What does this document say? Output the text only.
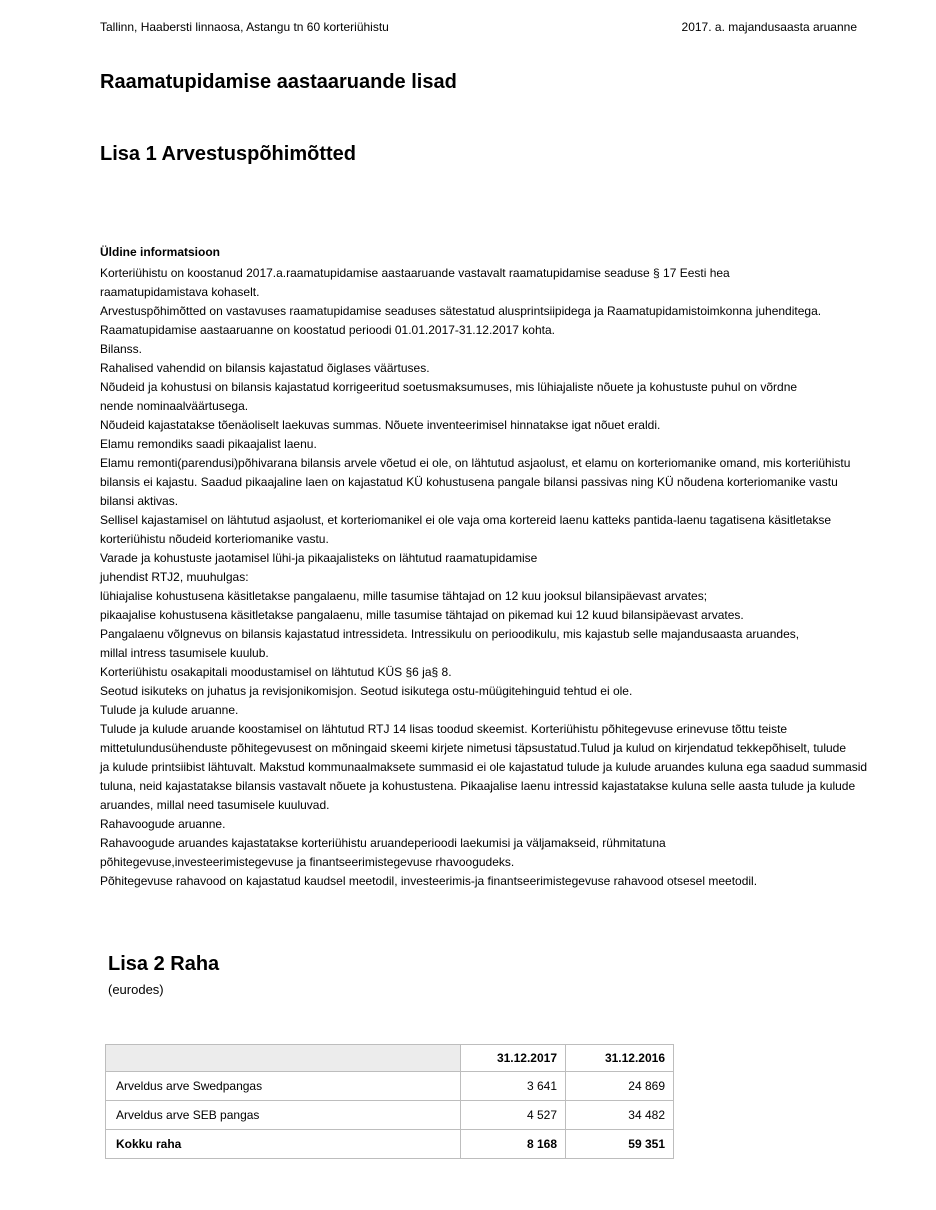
Tallinn, Haabersti linnaosa, Astangu tn 60 korteriühistu	2017. a. majandusaasta aruanne
Raamatupidamise aastaaruande lisad
Lisa 1 Arvestuspõhimõtted
Üldine informatsioon
Korteriühistu on koostanud 2017.a.raamatupidamise aastaaruande vastavalt raamatupidamise seaduse § 17 Eesti hea
raamatupidamistava kohaselt.
Arvestuspõhimõtted on vastavuses raamatupidamise seaduses sätestatud alusprintsiipidega ja Raamatupidamistoimkonna juhenditega.
Raamatupidamise aastaaruanne on koostatud perioodi 01.01.2017-31.12.2017 kohta.
Bilanss.
Rahalised vahendid on bilansis kajastatud õiglases väärtuses.
Nõudeid ja kohustusi on bilansis kajastatud korrigeeritud soetusmaksumuses, mis lühiajaliste nõuete ja kohustuste puhul on võrdne
nende nominaalväärtusega.
Nõudeid kajastatakse tõenäoliselt laekuvas summas. Nõuete inventeerimisel hinnatakse igat nõuet eraldi.
Elamu remondiks saadi pikaajalist laenu.
Elamu remonti(parendusi)põhivarana bilansis arvele võetud ei ole, on lähtutud asjaolust, et elamu on korteriomanike omand, mis korteriühistu
bilansis ei kajastu. Saadud pikaajaline laen on kajastatud KÜ kohustusena pangale bilansi passivas ning KÜ nõudena korteriomanike vastu
bilansi aktivas.
Sellisel kajastamisel on lähtutud asjaolust, et korteriomanikel ei ole vaja oma kortereid laenu katteks pantida-laenu tagatisena käsitletakse
korteriühistu nõudeid korteriomanike vastu.
Varade ja kohustuste jaotamisel lühi-ja pikaajalisteks on lähtutud raamatupidamise
juhendist RTJ2, muuhulgas:
lühiajalise kohustusena käsitletakse pangalaenu, mille tasumise tähtajad on 12 kuu jooksul bilansipäevast arvates;
pikaajalise kohustusena käsitletakse pangalaenu, mille tasumise tähtajad on pikemad kui 12 kuud bilansipäevast arvates.
Pangalaenu võlgnevus on bilansis kajastatud intressideta. Intressikulu on perioodikulu, mis kajastub selle majandusaasta aruandes,
millal intress tasumisele kuulub.
Korteriühistu osakapitali moodustamisel on lähtutud KÜS §6 ja§ 8.
Seotud isikuteks on juhatus ja revisjonikomisjon. Seotud isikutega ostu-müügitehinguid tehtud ei ole.
Tulude ja kulude aruanne.
Tulude ja kulude aruande koostamisel on lähtutud RTJ 14 lisas toodud skeemist. Korteriühistu põhitegevuse erinevuse tõttu teiste
mittetulundusühenduste põhitegevusest on mõningaid skeemi kirjete nimetusi täpsustatud.Tulud ja kulud on kirjendatud tekkepõhiselt, tulude
ja kulude printsiibist lähtuvalt. Makstud kommunaalmaksete summasid ei ole kajastatud tulude ja kulude aruandes kuluna ega saadud summasid
tuluna, neid kajastatakse bilansis vastavalt nõuete ja kohustustena. Pikaajalise laenu intressid kajastatakse kuluna selle aasta tulude ja kulude
aruandes, millal need tasumisele kuuluvad.
Rahavoogude aruanne.
Rahavoogude aruandes kajastatakse korteriühistu aruandeperioodi laekumisi ja väljamakseid, rühmitatuna
põhitegevuse,investeerimistegevuse ja finantseerimistegevuse rhavoogudeks.
Põhitegevuse rahavood on kajastatud kaudsel meetodil, investeerimis-ja finantseerimistegevuse rahavood otsesel meetodil.
Lisa 2 Raha
(eurodes)
	31.12.2017	31.12.2016
Arveldus arve Swedpangas	3 641	24 869
Arveldus arve SEB pangas	4 527	34 482
Kokku raha	8 168	59 351
